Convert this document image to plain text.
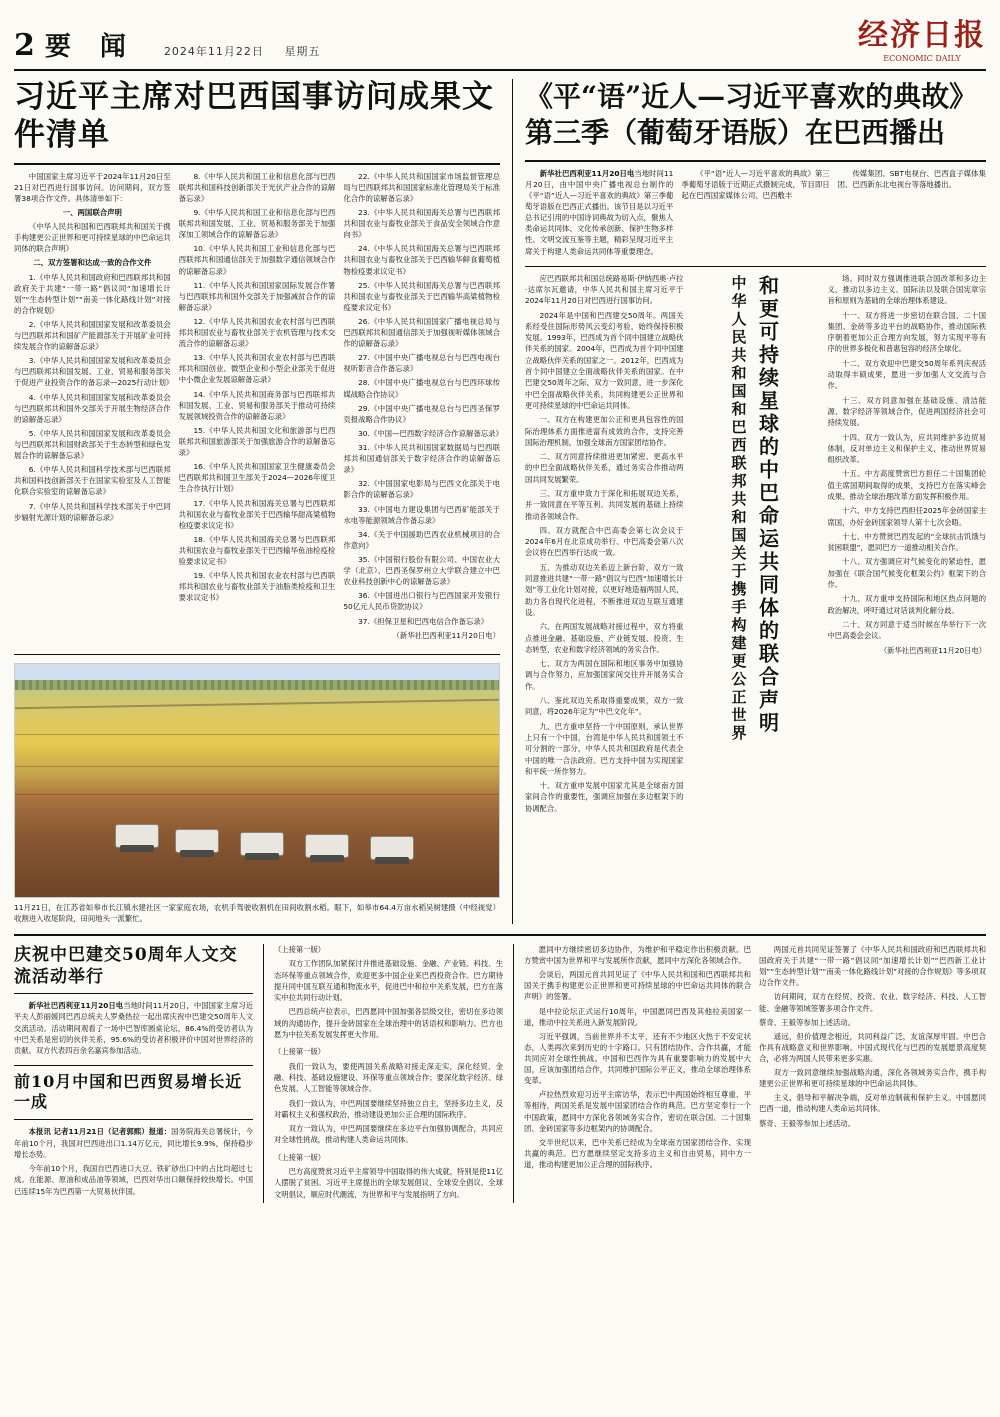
2 要 闻	2024年11月22日 星期五	经济日报
ECONOMIC DAILY
习近平主席对巴西国事访问成果文件清单

中国国家主席习近平于2024年11月20日至21日对巴西进行国事访问。访问期间，双方签署38项合作文件。具体清单如下：

一、两国联合声明

《中华人民共和国和巴西联邦共和国关于携手构建更公正世界和更可持续星球的中巴命运共同体的联合声明》

二、双方签署和达成一致的合作文件

1.《中华人民共和国政府和巴西联邦共和国政府关于共建“一带一路”倡议同“加速增长计划”“生态转型计划”“南美一体化路线计划”对接的合作规划》

2.《中华人民共和国国家发展和改革委员会与巴西联邦共和国矿产能源部关于开展矿业可持续发展合作的谅解备忘录》

3.《中华人民共和国国家发展和改革委员会与巴西联邦共和国发展、工业、贸易和服务部关于促进产业投资合作的备忘录—2025行动计划》

4.《中华人民共和国国家发展和改革委员会与巴西联邦共和国外交部关于开展生物经济合作的谅解备忘录》

5.《中华人民共和国国家发展和改革委员会与巴西联邦共和国财政部关于生态转型和绿色发展合作的谅解备忘录》

6.《中华人民共和国科学技术部与巴西联邦共和国科技创新部关于在国家实验室及人工智能化联合实验室的谅解备忘录》

7.《中华人民共和国科学技术部关于中巴同步辐射光源计划的谅解备忘录》

8.《中华人民共和国工业和信息化部与巴西联邦共和国科技创新部关于光伏产业合作的谅解备忘录》

9.《中华人民共和国工业和信息化部与巴西联邦共和国发展、工业、贸易和服务部关于加强深加工领域合作的谅解备忘录》

10.《中华人民共和国工业和信息化部与巴西联邦共和国通信部关于加强数字通信领域合作的谅解备忘录》

11.《中华人民共和国国家国际发展合作署与巴西联邦共和国外交部关于加强减贫合作的谅解备忘录》

12.《中华人民共和国农业农村部与巴西联邦共和国农业与畜牧业部关于农机管理与技术交流合作的谅解备忘录》

13.《中华人民共和国农业农村部与巴西联邦共和国创业、微型企业和小型企业部关于促进中小微企业发展谅解备忘录》

14.《中华人民共和国商务部与巴西联邦共和国发展、工业、贸易和服务部关于推动可持续发展领域投资合作的谅解备忘录》

15.《中华人民共和国文化和旅游部与巴西联邦共和国旅游部关于加强旅游合作的谅解备忘录》

16.《中华人民共和国国家卫生健康委员会巴西联邦共和国卫生部关于2024—2026年度卫生合作执行计划》

17.《中华人民共和国海关总署与巴西联邦共和国农业与畜牧业部关于巴西输华甜高粱植物检疫要求议定书》

18.《中华人民共和国海关总署与巴西联邦共和国农业与畜牧业部关于巴西输华鱼油检疫检验要求议定书》

19.《中华人民共和国农业农村部与巴西联邦共和国农业与畜牧业部关于油脂类检疫和卫生要求议定书》

22.《中华人民共和国国家市场监督管理总局与巴西联邦共和国国家标准化管理局关于标准化合作的谅解备忘录》

23.《中华人民共和国海关总署与巴西联邦共和国农业与畜牧业部关于食品安全领域合作意向书》

24.《中华人民共和国海关总署与巴西联邦共和国农业与畜牧业部关于巴西输华鲜食葡萄植物检疫要求议定书》

25.《中华人民共和国海关总署与巴西联邦共和国农业与畜牧业部关于巴西输华高粱植物检疫要求议定书》

26.《中华人民共和国国家广播电视总局与巴西联邦共和国通信部关于加强视听媒体领域合作的谅解备忘录》

27.《中国中央广播电视总台与巴西电视台视听影音合作备忘录》

28.《中国中央广播电视总台与巴西环球传媒战略合作协议》

29.《中国中央广播电视总台与巴西圣保罗页报战略合作协议》

30.《中国—巴西数字经济合作谅解备忘录》

31.《中华人民共和国国家数据局与巴西联邦共和国通信部关于数字经济合作的谅解备忘录》

32.《中国国家电影局与巴西文化部关于电影合作的谅解备忘录》

33.《中国电力建设集团与巴西矿能部关于水电等能源领域合作备忘录》

34.《关于中国援助巴西农业机械项目的合作意向》

35.《中国银行股份有限公司、中国农业大学（北京）、巴西圣保罗州立大学联合建立中巴农业科技创新中心的谅解备忘录》

36.《中国进出口银行与巴西国家开发银行50亿元人民币贷款协议》

37.《担保卫星和巴西电信合作备忘录》

（新华社巴西利亚11月20日电）

吴树建摄（中经视觉）
11月21日，在江苏省如皋市长江镇水建社区一家家庭农场，农机手驾驶收割机在田间收割水稻。眼下，如皋市64.4万亩水稻收割进入收尾阶段，田间地头一派繁忙。
《平“语”近人—习近平喜欢的典故》
第三季（葡萄牙语版）在巴西播出

新华社巴西利亚11月20日电当地时间11月20日，由中国中央广播电视总台制作的《平“语”近人—习近平喜欢的典故》第三季葡萄牙语版在巴西正式播出。该节目是以习近平总书记引用的中国诗词典故为切入点，聚焦人类命运共同体、文化传承创新、保护生物多样性、文明交流互鉴等主题，精彩呈现习近平主席关于构建人类命运共同体等重要理念。

《平“语”近人—习近平喜欢的典故》第三季葡萄牙语版于近期正式摄制完成，节目即日起在巴西国家媒体公司、巴西敷丰

传媒集团、SBT电视台、巴西盒子媒体集团、巴西新东北电视台等落地播出。

应巴西联邦共和国总统路易斯·伊纳西奥·卢拉·达席尔瓦邀请，中华人民共和国主席习近平于2024年11月20日对巴西进行国事访问。

2024年是中国和巴西建交50周年。两国关系经受住国际形势风云变幻考验，始终保持积极发展。1993年，巴西成为首个同中国建立战略伙伴关系的国家。2004年，巴西成为首个同中国建立战略伙伴关系的国家之一。2012年，巴西成为首个同中国建立全面战略伙伴关系的国家。在中巴建交50周年之际，双方一致同意，进一步深化中巴全面战略伙伴关系，共同构建更公正世界和更可持续星球的中巴命运共同体。

一、双方在构建更加公正和更具包容性的国际治理体系方面推进富有成效的合作，支持完善国际治理机制，加强全球南方国家团结协作。

二、双方同意持续推进更加紧密、更高水平的中巴全面战略伙伴关系，通过务实合作推动两国共同发展繁荣。

三、双方重申致力于深化和拓展双边关系，并一致同意在平等互利、共同发展的基础上持续推动各领域合作。

四、双方就配合中巴高委会第七次会议于2024年6月在北京成功举行、中巴高委会第八次会议将在巴西举行达成一致。

五、为推动双边关系迈上新台阶，双方一致同意推进共建“一带一路”倡议与巴西“加速增长计划”等工业化计划对接，以更好地造福两国人民，助力各自现代化进程，不断推进双边互联互通建设。

六、在两国发展战略对接过程中，双方将重点推进金融、基础设施、产业链发展、投资、生态转型、农业和数字经济领域的务实合作。

七、双方为两国在国际和地区事务中加强协调与合作努力，应加强国家间交往并开展务实合作。

八、鉴此双边关系取得重要成果，双方一致同意，将2026年定为“中巴文化年”。

九、巴方重申坚持一个中国原则，承认世界上只有一个中国，台湾是中华人民共和国领土不可分割的一部分，中华人民共和国政府是代表全中国的唯一合法政府。巴方支持中国为实现国家和平统一所作努力。

十、双方重申发展中国家尤其是全球南方国家间合作的重要性，强调应加强在多边框架下的协调配合。

和更可持续星球的中巴命运共同体的联合声明
中华人民共和国和巴西联邦共和国关于携手构建更公正世界	场。同时双方强调推进联合国改革和多边主义，推动以多边主义、国际法以及联合国宪章宗旨和原则为基础的全球治理体系建设。

十一、双方将进一步密切在联合国、二十国集团、金砖等多边平台的战略协作，推动国际秩序朝着更加公正合理方向发展，努力实现平等有序的世界多极化和普惠包容的经济全球化。

十二、双方欢迎中巴建交50周年系列庆祝活动取得丰硕成果，愿进一步加强人文交流与合作。

十三、双方同意加强在基础设施、清洁能源、数字经济等领域合作，促进两国经济社会可持续发展。

十四、双方一致认为，应共同维护多边贸易体制，反对单边主义和保护主义，推动世界贸易组织改革。

十五、中方高度赞赏巴方担任二十国集团轮值主席国期间取得的成果，支持巴方在落实峰会成果、推动全球治理改革方面发挥积极作用。

十六、中方支持巴西担任2025年金砖国家主席国，办好金砖国家领导人第十七次会晤。

十七、中方赞赏巴西发起的“全球抗击饥饿与贫困联盟”，愿同巴方一道推动相关合作。

十八、双方强调应对气候变化的紧迫性，愿加强在《联合国气候变化框架公约》框架下的合作。

十九、双方重申支持国际和地区热点问题的政治解决，呼吁通过对话谈判化解分歧。

二十、双方同意于适当时候在华举行下一次中巴高委会会议。

（新华社巴西利亚11月20日电）

庆祝中巴建交50周年人文交流活动举行

新华社巴西利亚11月20日电当地时间11月20日，中国国家主席习近平夫人彭丽媛同巴西总统夫人罗桑热拉一起出席庆祝中巴建交50周年人文交流活动。活动期间观看了一场中巴智库圆桌论坛，86.4%的受访者认为中巴关系是密切的伙伴关系，95.6%的受访者积极评价中国对世界经济的贡献。双方代表四百余名嘉宾参加活动。

前10月中国和巴西贸易增长近一成

本报讯 记者11月21日（记者郭熙）报道：国务院海关总署统计，今年前10个月，我国对巴西进出口1.14万亿元，同比增长9.9%，保持稳步增长态势。

今年前10个月，我国自巴西进口大豆、铁矿砂出口中的占比均超过七成。在能源、原油和成品油等领域，巴西对华出口额保持较快增长。中国已连续15年为巴西第一大贸易伙伴国。

（上接第一版）

双方工作团队加紧探讨并推进基础设施、金融、产业链、科技、生态环保等重点领域合作，欢迎更多中国企业来巴西投资合作。巴方期待提升同中国互联互通和物流水平，促进巴中和拉中关系发展，巴方在落实中拉共同行动计划。

巴西总统卢拉表示，巴西愿同中国加强各层级交往，密切在多边领域的沟通协作，提升金砖国家在全球治理中的话语权和影响力。巴方也愿为中拉关系发展发挥更大作用。

（上接第一版）

我们一致认为，要使两国关系战略对接走深走实，深化经贸、金融、科技、基础设施建设、环保等重点领域合作；要深化数字经济、绿色发展、人工智能等领域合作。

我们一致认为，中巴两国要继续坚持独立自主，坚持多边主义，反对霸权主义和强权政治，推动建设更加公正合理的国际秩序。

双方一致认为，中巴两国要继续在多边平台加强协调配合，共同应对全球性挑战，推动构建人类命运共同体。

（上接第一版）

巴方高度赞赏习近平主席领导中国取得的伟大成就，特别是使11亿人摆脱了贫困。习近平主席提出的全球发展倡议、全球安全倡议、全球文明倡议，顺应时代潮流，为世界和平与发展指明了方向。

愿同中方继续密切多边协作，为维护和平稳定作出积极贡献。巴方赞赏中国为世界和平与发展所作贡献，愿同中方深化各领域合作。

会谈后，两国元首共同见证了《中华人民共和国和巴西联邦共和国关于携手构建更公正世界和更可持续星球的中巴命运共同体的联合声明》的签署。

是中拉论坛正式运行10周年，中国愿同巴西及其他拉美国家一道，推动中拉关系进入新发展阶段。

习近平强调，当前世界并不太平，还有不少地区火热于不安定状态，人类再次来到历史的十字路口。只有团结协作、合作共赢，才能共同应对全球性挑战。中国和巴西作为具有重要影响力的发展中大国，应该加强团结合作，共同维护国际公平正义，推动全球治理体系变革。

卢拉热烈欢迎习近平主席访华，表示巴中两国始终相互尊重、平等相待，两国关系是发展中国家团结合作的典范。巴方坚定奉行一个中国政策，愿同中方深化各领域务实合作，密切在联合国、二十国集团、金砖国家等多边框架内的协调配合。

交半世纪以来，巴中关系已经成为全球南方国家团结合作、实现共赢的典范。巴方愿继续坚定支持多边主义和自由贸易，同中方一道，推动构建更加公正合理的国际秩序。

两国元首共同见证签署了《中华人民共和国政府和巴西联邦共和国政府关于共建“一带一路”倡议同“加速增长计划”“巴西新工业计划”“生态转型计划”“南美一体化路线计划”对接的合作规划》等多项双边合作文件。

访问期间，双方在经贸、投资、农业、数字经济、科技、人工智能、金融等领域签署多项合作文件。

蔡奇、王毅等参加上述活动。

遥远，但价值理念相近，共同利益广泛，友谊深厚牢固。中巴合作具有战略意义和世界影响。中国式现代化与巴西的发展愿景高度契合，必将为两国人民带来更多实惠。

双方一致同意继续加强战略沟通，深化各领域务实合作，携手构建更公正世界和更可持续星球的中巴命运共同体。

主义，倡导和平解决争端，反对单边制裁和保护主义。中国愿同巴西一道，推动构建人类命运共同体。

蔡奇、王毅等参加上述活动。
